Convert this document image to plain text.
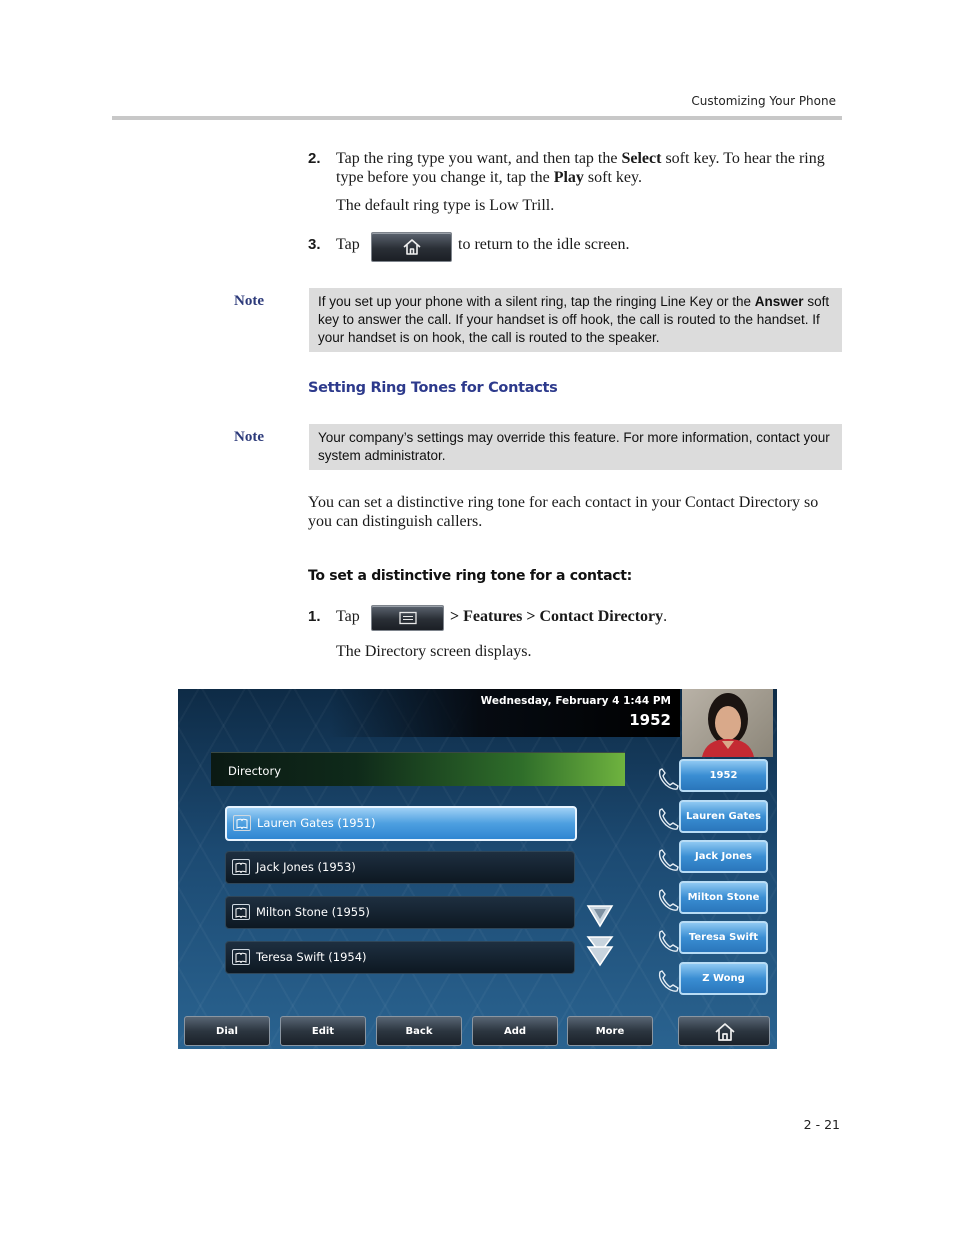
Customizing Your Phone
2. Tap the ring type you want, and then tap the Select soft key. To hear the ring type before you change it, tap the Play soft key.
The default ring type is Low Trill.
3. Tap	to return to the idle screen.
Note	If you set up your phone with a silent ring, tap the ringing Line Key or the Answer soft key to answer the call. If your handset is off hook, the call is routed to the handset. If your handset is on hook, the call is routed to the speaker.
Setting Ring Tones for Contacts
Note	Your company’s settings may override this feature. For more information, contact your system administrator.
You can set a distinctive ring tone for each contact in your Contact Directory so you can distinguish callers.
To set a distinctive ring tone for a contact:
1. Tap	> Features > Contact Directory.
The Directory screen displays.
Wednesday, February 4 1:44 PM
1952
Directory
Lauren Gates (1951)
Jack Jones (1953)
Milton Stone (1955)
Teresa Swift (1954)
1952
Lauren Gates
Jack Jones
Milton Stone
Teresa Swift
Z Wong
Dial	Edit	Back	Add	More
2 - 21
